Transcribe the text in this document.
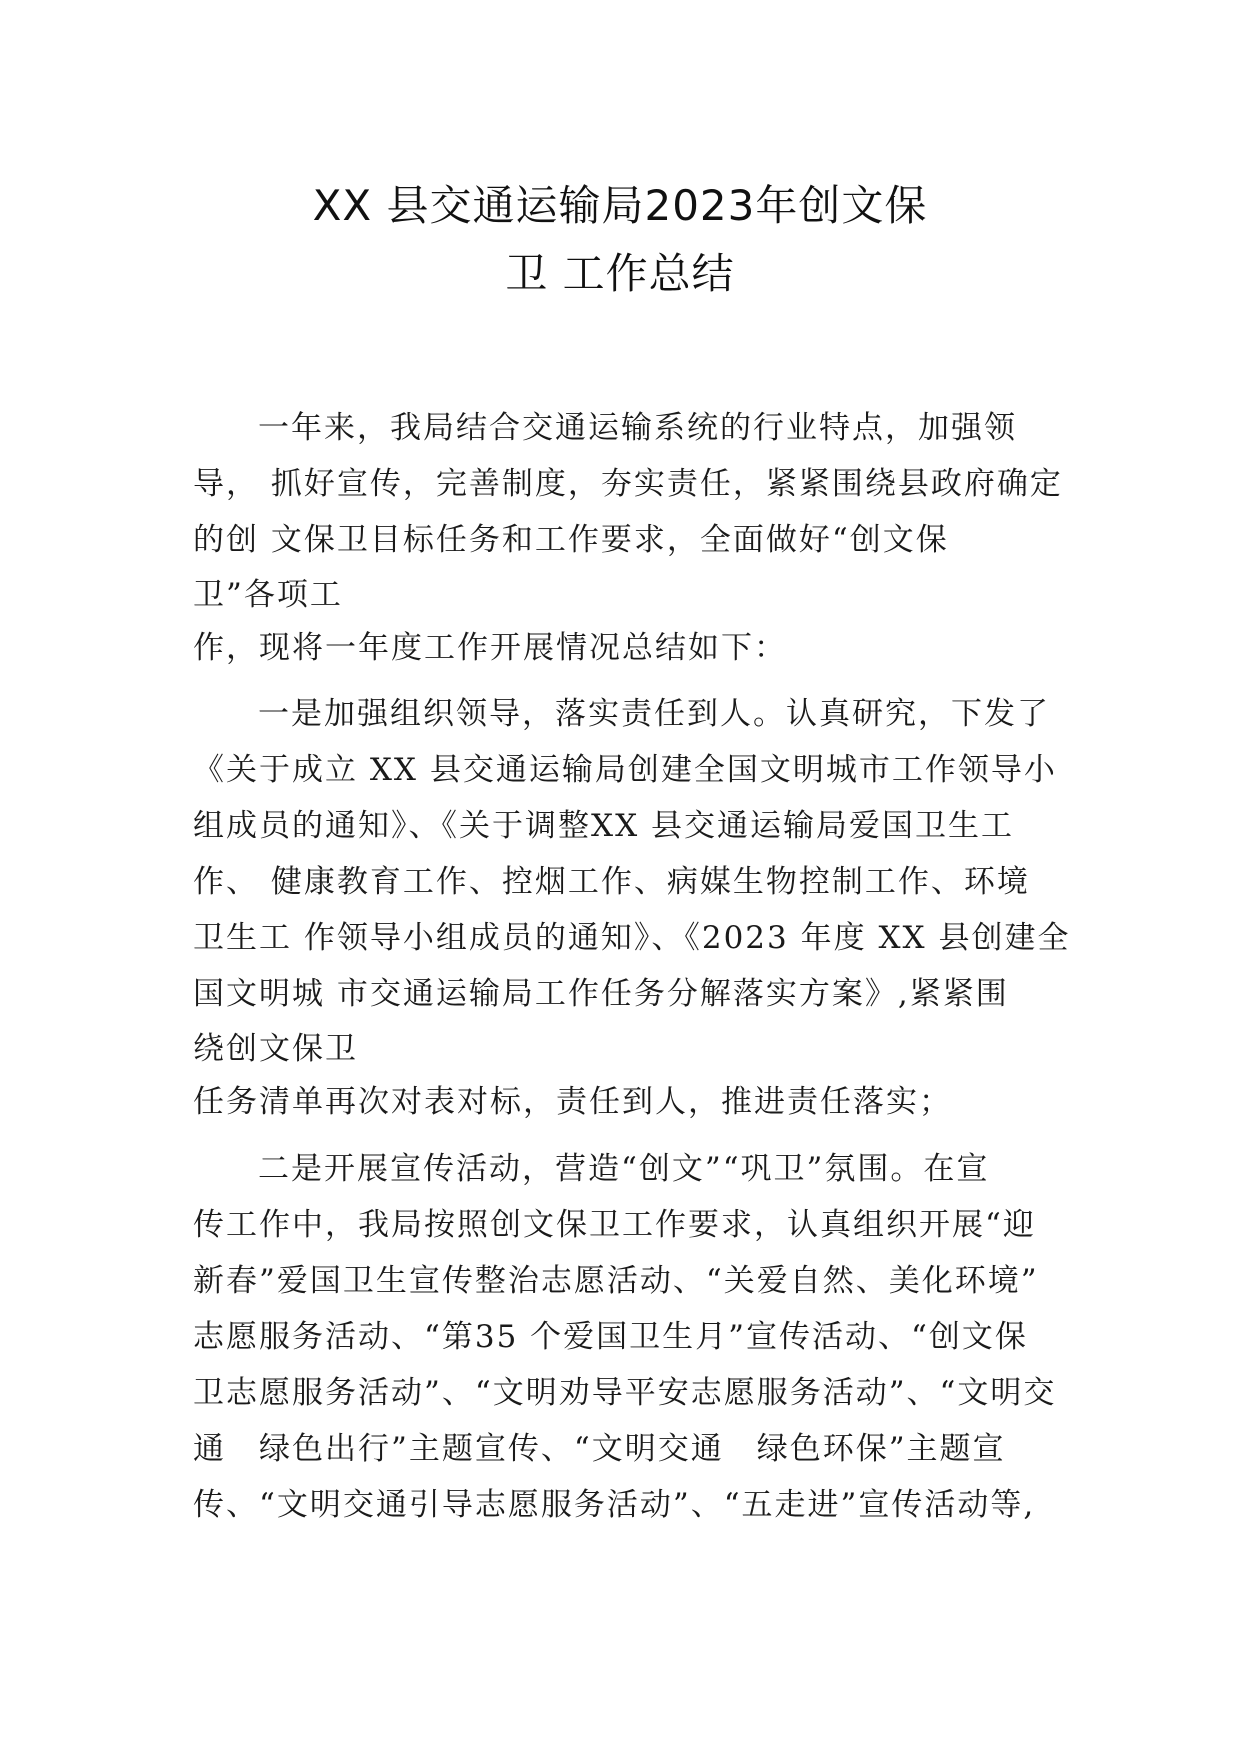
XX 县交通运输局2023年创文保
卫 工作总结
一年来，我局结合交通运输系统的行业特点，加强领
导， 抓好宣传，完善制度，夯实责任，紧紧围绕县政府确定
的创 文保卫目标任务和工作要求，全面做好“创文保
卫”各项工
作，现将一年度工作开展情况总结如下：
一是加强组织领导，落实责任到人。认真研究，下发了
《关于成立 XX 县交通运输局创建全国文明城市工作领导小
组成员的通知》、《关于调整XX 县交通运输局爱国卫生工
作、 健康教育工作、控烟工作、病媒生物控制工作、环境
卫生工 作领导小组成员的通知》、《2023 年度 XX 县创建全
国文明城 市交通运输局工作任务分解落实方案》,紧紧围
绕创文保卫
任务清单再次对表对标，责任到人，推进责任落实；
二是开展宣传活动，营造“创文”“巩卫”氛围。在宣
传工作中，我局按照创文保卫工作要求，认真组织开展“迎
新春”爱国卫生宣传整治志愿活动、“关爱自然、美化环境”
志愿服务活动、“第35 个爱国卫生月”宣传活动、“创文保
卫志愿服务活动”、“文明劝导平安志愿服务活动”、“文明交
通　绿色出行”主题宣传、“文明交通　绿色环保”主题宣
传、“文明交通引导志愿服务活动”、“五走进”宣传活动等,
